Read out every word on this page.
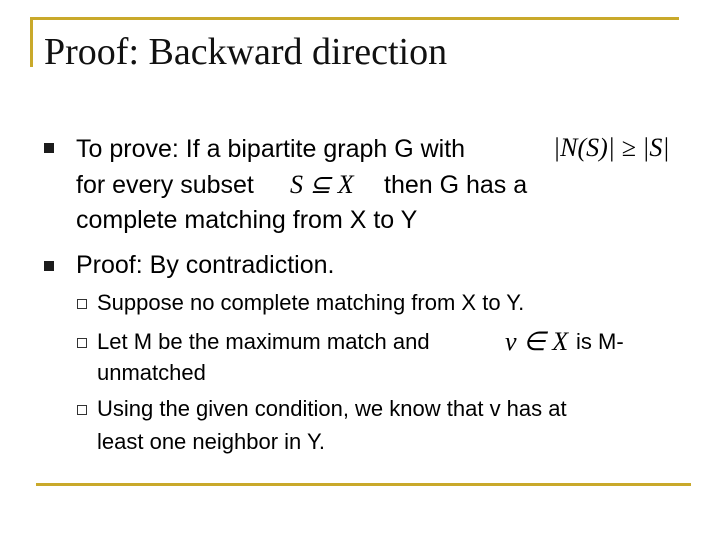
Proof: Backward direction
To prove: If a bipartite graph G with	|N(S)| ≥ |S|
for every subset S ⊆ X then G has a
complete matching from X to Y
Proof: By contradiction.
Suppose no complete matching from X to Y.
Let M be the maximum match and	v ∈ X is M-
unmatched
Using the given condition, we know that v has at
least one neighbor in Y.
